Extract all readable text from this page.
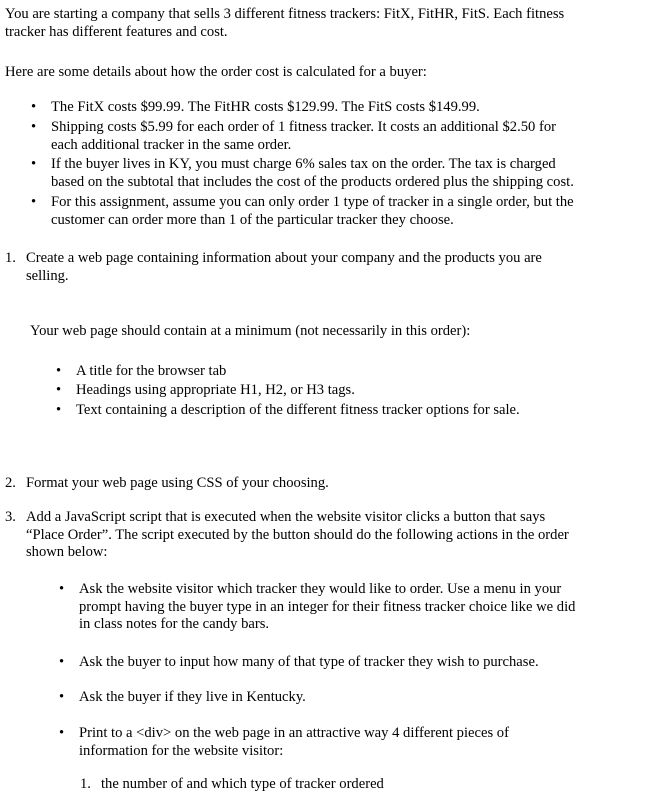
You are starting a company that sells 3 different fitness trackers: FitX, FitHR, FitS. Each fitness
tracker has different features and cost.
Here are some details about how the order cost is calculated for a buyer:
•	The FitX costs $99.99. The FitHR costs $129.99. The FitS costs $149.99.
•	Shipping costs $5.99 for each order of 1 fitness tracker. It costs an additional $2.50 for
each additional tracker in the same order.
•	If the buyer lives in KY, you must charge 6% sales tax on the order. The tax is charged
based on the subtotal that includes the cost of the products ordered plus the shipping cost.
•	For this assignment, assume you can only order 1 type of tracker in a single order, but the
customer can order more than 1 of the particular tracker they choose.
1. Create a web page containing information about your company and the products you are
selling.
Your web page should contain at a minimum (not necessarily in this order):
•	A title for the browser tab
•	Headings using appropriate H1, H2, or H3 tags.
•	Text containing a description of the different fitness tracker options for sale.
2. Format your web page using CSS of your choosing.
3. Add a JavaScript script that is executed when the website visitor clicks a button that says
“Place Order”. The script executed by the button should do the following actions in the order
shown below:
•	Ask the website visitor which tracker they would like to order. Use a menu in your
prompt having the buyer type in an integer for their fitness tracker choice like we did
in class notes for the candy bars.
•	Ask the buyer to input how many of that type of tracker they wish to purchase.
•	Ask the buyer if they live in Kentucky.
•	Print to a <div> on the web page in an attractive way 4 different pieces of
information for the website visitor:
1. the number of and which type of tracker ordered
